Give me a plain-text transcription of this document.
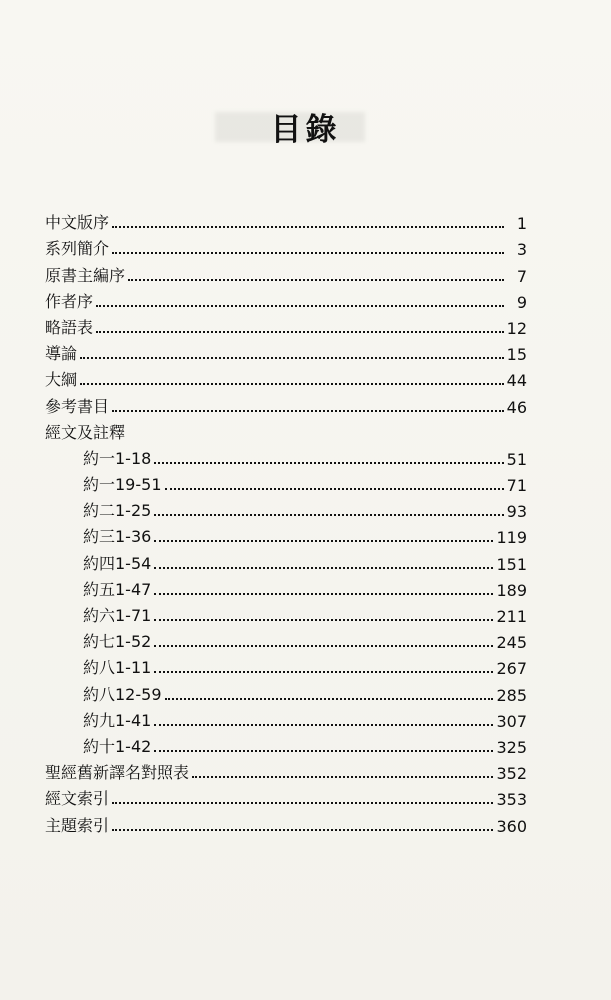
目錄
中文版序	1
系列簡介	3
原書主編序	7
作者序	9
略語表	12
導論	15
大綱	44
參考書目	46
經文及註釋
約一1-18	51
約一19-51	71
約二1-25	93
約三1-36	119
約四1-54	151
約五1-47	189
約六1-71	211
約七1-52	245
約八1-11	267
約八12-59	285
約九1-41	307
約十1-42	325
聖經舊新譯名對照表	352
經文索引	353
主題索引	360
